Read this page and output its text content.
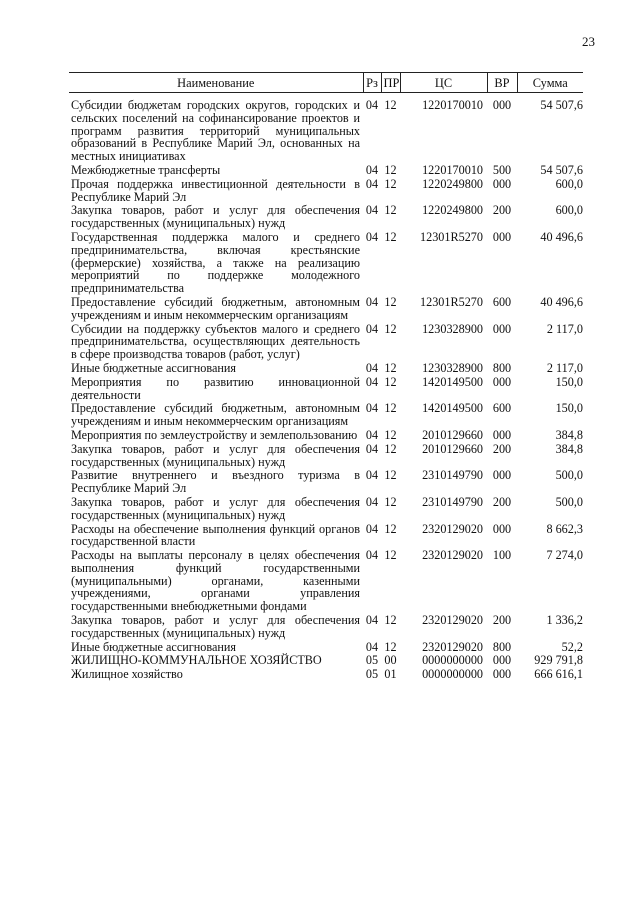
23
Наименование	Рз	ПР	ЦС	ВР	Сумма
Субсидии бюджетам городских округов, городских и сельских поселений на софинансирование проектов и программ развития территорий муниципальных образований в Республике Марий Эл, основанных на местных инициативах	04	12	1220170010	000	54 507,6
Межбюджетные трансферты	04	12	1220170010	500	54 507,6
Прочая поддержка инвестиционной деятельности в Республике Марий Эл	04	12	1220249800	000	600,0
Закупка товаров, работ и услуг для обеспечения государственных (муниципальных) нужд	04	12	1220249800	200	600,0
Государственная поддержка малого и среднего предпринимательства, включая крестьянские (фермерские) хозяйства, а также на реализацию мероприятий по поддержке молодежного предпринимательства	04	12	12301R5270	000	40 496,6
Предоставление субсидий бюджетным, автономным учреждениям и иным некоммерческим организациям	04	12	12301R5270	600	40 496,6
Субсидии на поддержку субъектов малого и среднего предпринимательства, осуществляющих деятельность в сфере производства товаров (работ, услуг)	04	12	1230328900	000	2 117,0
Иные бюджетные ассигнования	04	12	1230328900	800	2 117,0
Мероприятия по развитию инновационной деятельности	04	12	1420149500	000	150,0
Предоставление субсидий бюджетным, автономным учреждениям и иным некоммерческим организациям	04	12	1420149500	600	150,0
Мероприятия по землеустройству и землепользованию	04	12	2010129660	000	384,8
Закупка товаров, работ и услуг для обеспечения государственных (муниципальных) нужд	04	12	2010129660	200	384,8
Развитие внутреннего и въездного туризма в Республике Марий Эл	04	12	2310149790	000	500,0
Закупка товаров, работ и услуг для обеспечения государственных (муниципальных) нужд	04	12	2310149790	200	500,0
Расходы на обеспечение выполнения функций органов государственной власти	04	12	2320129020	000	8 662,3
Расходы на выплаты персоналу в целях обеспечения выполнения функций государственными (муниципальными) органами, казенными учреждениями, органами управления государственными внебюджетными фондами	04	12	2320129020	100	7 274,0
Закупка товаров, работ и услуг для обеспечения государственных (муниципальных) нужд	04	12	2320129020	200	1 336,2
Иные бюджетные ассигнования	04	12	2320129020	800	52,2
ЖИЛИЩНО-КОММУНАЛЬНОЕ ХОЗЯЙСТВО	05	00	0000000000	000	929 791,8
Жилищное хозяйство	05	01	0000000000	000	666 616,1
